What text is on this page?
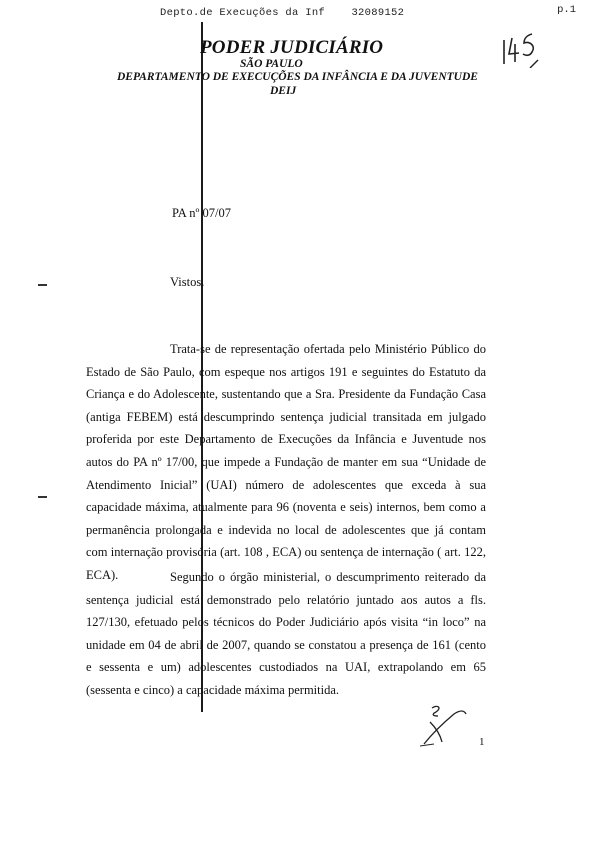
Depto.de Execuções da Inf	32089152	p.1
PODER JUDICIÁRIO
SÃO PAULO
DEPARTAMENTO DE EXECUÇÕES DA INFÂNCIA E DA JUVENTUDE
DEIJ
PA nº 07/07
Vistos.

Trata-se de representação ofertada pelo Ministério Público do Estado de São Paulo, com espeque nos artigos 191 e seguintes do Estatuto da Criança e do Adolescente, sustentando que a Sra. Presidente da Fundação Casa (antiga FEBEM) está descumprindo sentença judicial transitada em julgado proferida por este Departamento de Execuções da Infância e Juventude nos autos do PA nº 17/00, que impede a Fundação de manter em sua “Unidade de Atendimento Inicial” (UAI) número de adolescentes que exceda à sua capacidade máxima, atualmente para 96 (noventa e seis) internos, bem como a permanência prolongada e indevida no local de adolescentes que já contam com internação provisória (art. 108 , ECA) ou sentença de internação ( art. 122, ECA).	Segundo o órgão ministerial, o descumprimento reiterado da sentença judicial está demonstrado pelo relatório juntado aos autos a fls. 127/130, efetuado pelos técnicos do Poder Judiciário após visita “in loco” na unidade em 04 de abril de 2007, quando se constatou a presença de 161 (cento e sessenta e um) adolescentes custodiados na UAI, extrapolando em 65 (sessenta e cinco) a capacidade máxima permitida.

1
